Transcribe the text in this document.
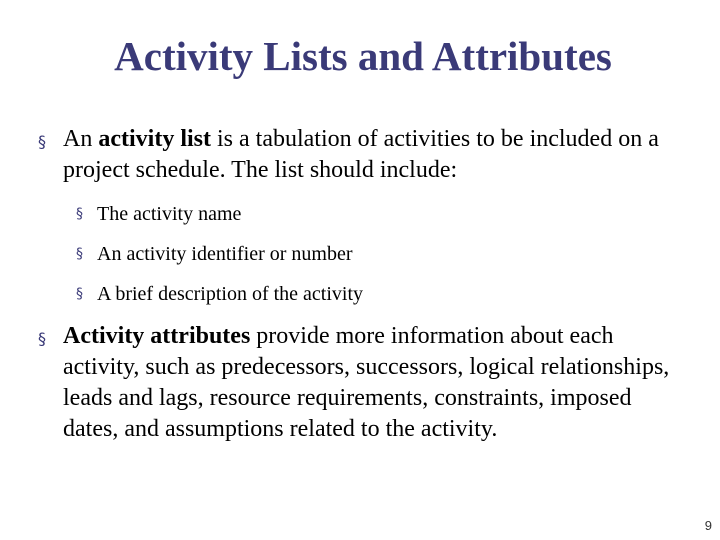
Activity Lists and Attributes
§ An activity list is a tabulation of activities to be included on a project schedule. The list should include:
§ The activity name
§ An activity identifier or number
§ A brief description of the activity
§ Activity attributes provide more information about each activity, such as predecessors, successors, logical relationships, leads and lags, resource requirements, constraints, imposed dates, and assumptions related to the activity.
9
